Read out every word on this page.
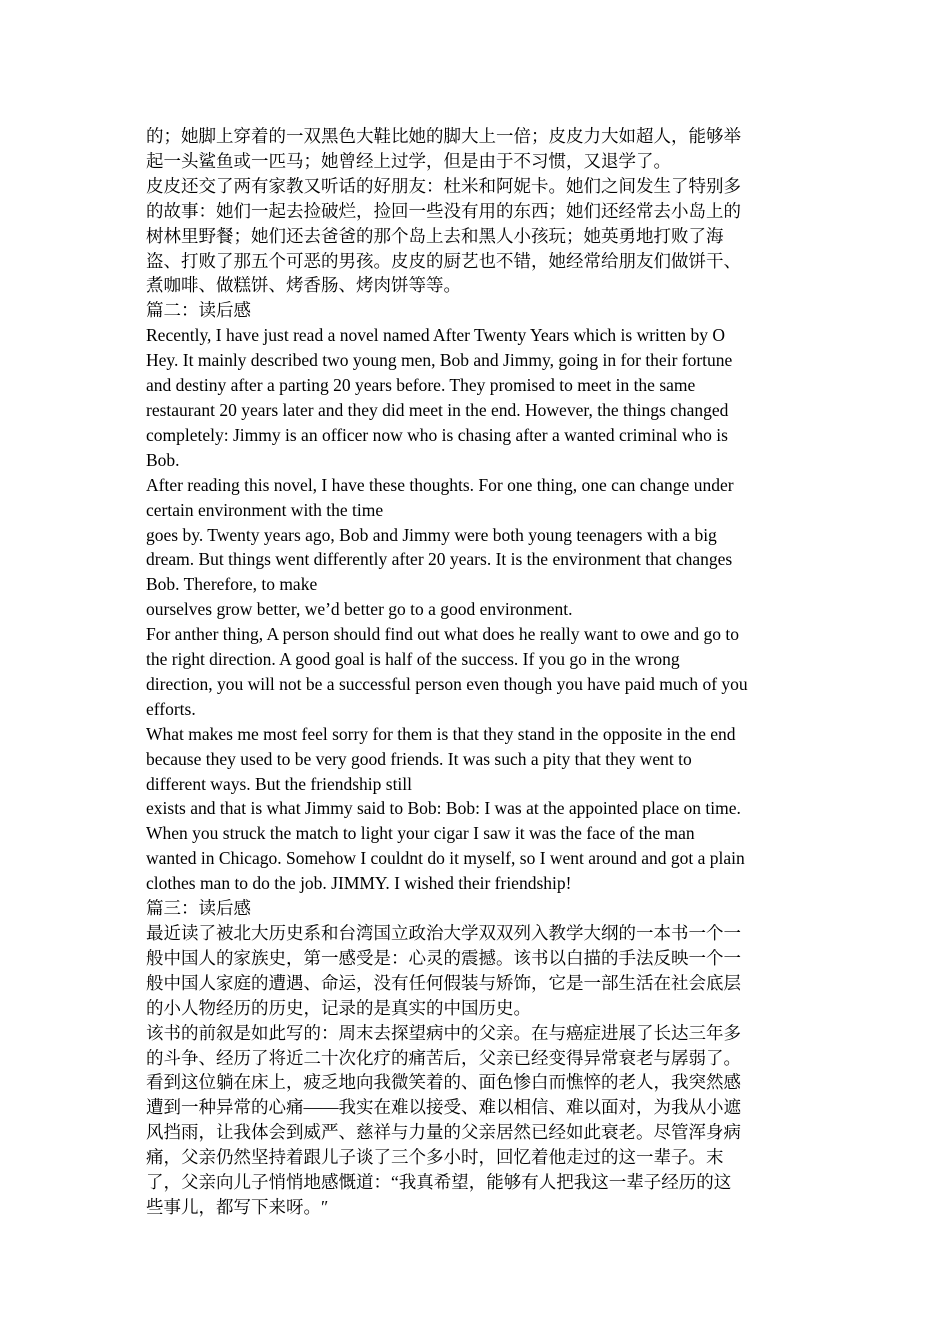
的；她脚上穿着的一双黑色大鞋比她的脚大上一倍；皮皮力大如超人，能够举
起一头鲨鱼或一匹马；她曾经上过学，但是由于不习惯，又退学了。
皮皮还交了两有家教又听话的好朋友：杜米和阿妮卡。她们之间发生了特别多
的故事：她们一起去捡破烂，捡回一些没有用的东西；她们还经常去小岛上的
树林里野餐；她们还去爸爸的那个岛上去和黑人小孩玩；她英勇地打败了海
盗、打败了那五个可恶的男孩。皮皮的厨艺也不错，她经常给朋友们做饼干、
煮咖啡、做糕饼、烤香肠、烤肉饼等等。
篇二：读后感
Recently, I have just read a novel named After Twenty Years which is written by O
Hey. It mainly described two young men, Bob and Jimmy, going in for their fortune
and destiny after a parting 20 years before. They promised to meet in the same
restaurant 20 years later and they did meet in the end. However, the things changed
completely: Jimmy is an officer now who is chasing after a wanted criminal who is
Bob.
After reading this novel, I have these thoughts. For one thing, one can change under
certain environment with the time
goes by. Twenty years ago, Bob and Jimmy were both young teenagers with a big
dream. But things went differently after 20 years. It is the environment that changes
Bob. Therefore, to make
ourselves grow better, we’d better go to a good environment.
For anther thing, A person should find out what does he really want to owe and go to
the right direction. A good goal is half of the success. If you go in the wrong
direction, you will not be a successful person even though you have paid much of you
efforts.
What makes me most feel sorry for them is that they stand in the opposite in the end
because they used to be very good friends. It was such a pity that they went to
different ways. But the friendship still
exists and that is what Jimmy said to Bob: Bob: I was at the appointed place on time.
When you struck the match to light your cigar I saw it was the face of the man
wanted in Chicago. Somehow I couldnt do it myself, so I went around and got a plain
clothes man to do the job. JIMMY. I wished their friendship!
篇三：读后感
最近读了被北大历史系和台湾国立政治大学双双列入教学大纲的一本书一个一
般中国人的家族史，第一感受是：心灵的震撼。该书以白描的手法反映一个一
般中国人家庭的遭遇、命运，没有任何假装与矫饰，它是一部生活在社会底层
的小人物经历的历史，记录的是真实的中国历史。
该书的前叙是如此写的：周末去探望病中的父亲。在与癌症进展了长达三年多
的斗争、经历了将近二十次化疗的痛苦后，父亲已经变得异常衰老与孱弱了。
看到这位躺在床上，疲乏地向我微笑着的、面色惨白而憔悴的老人，我突然感
遭到一种异常的心痛——我实在难以接受、难以相信、难以面对，为我从小遮
风挡雨，让我体会到威严、慈祥与力量的父亲居然已经如此衰老。尽管浑身病
痛，父亲仍然坚持着跟儿子谈了三个多小时，回忆着他走过的这一辈子。末
了，父亲向儿子悄悄地感慨道：“我真希望，能够有人把我这一辈子经历的这
些事儿，都写下来呀。″
